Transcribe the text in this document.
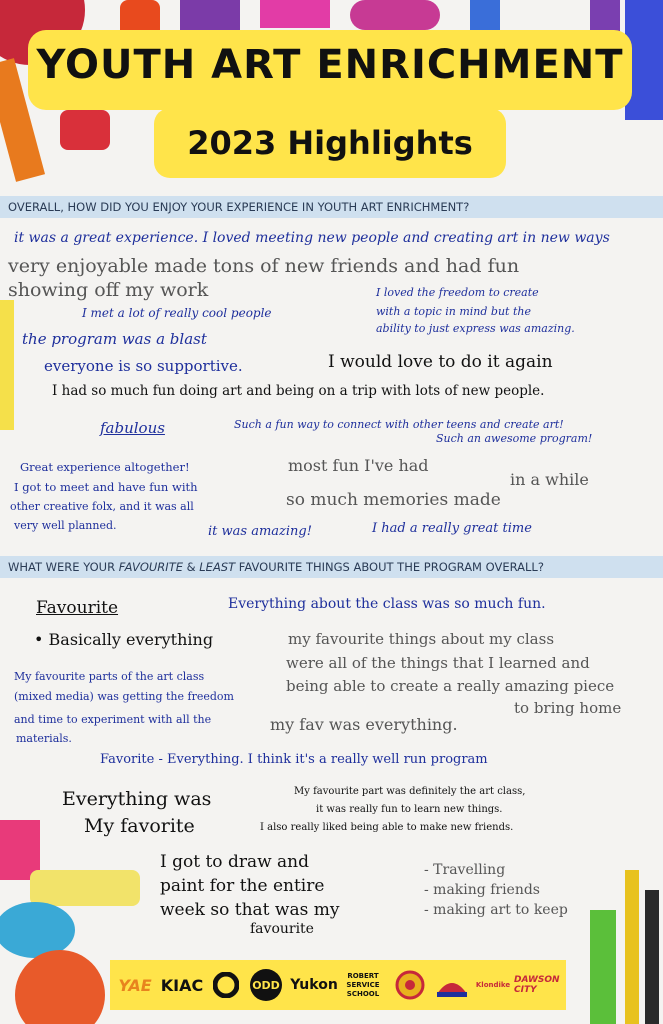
YOUTH ART ENRICHMENT
2023 Highlights
OVERALL, HOW DID YOU ENJOY YOUR EXPERIENCE IN YOUTH ART ENRICHMENT?
it was a great experience. I loved meeting new people and creating art in new ways
very enjoyable made tons of new friends and had fun
showing off my work	I loved the freedom to create
with a topic in mind but the
ability to just express was amazing.
I met a lot of really cool people
the program was a blast
everyone is so supportive.	I would love to do it again
I had so much fun doing art and being on a trip with lots of new people.
fabulous	Such a fun way to connect with other teens and create art!
Such an awesome program!
Great experience altogether!
I got to meet and have fun with
other creative folx, and it was all
very well planned.
most fun I've had
in a while
so much memories made
it was amazing!	I had a really great time
WHAT WERE YOUR FAVOURITE & LEAST FAVOURITE THINGS ABOUT THE PROGRAM OVERALL?
Favourite
• Basically everything
Everything about the class was so much fun.
my favourite things about my class
were all of the things that I learned and
being able to create a really amazing piece
to bring home
My favourite parts of the art class
(mixed media) was getting the freedom
and time to experiment with all the
materials.
my fav was everything.
Favorite - Everything. I think it's a really well run program
Everything was
My favorite
My favourite part was definitely the art class,
it was really fun to learn new things.
I also really liked being able to make new friends.
I got to draw and
paint for the entire
week so that was my
favourite
- Travelling
- making friends
- making art to keep
YAE KIAC	ODD Yukon
ROBERT SERVICE SCHOOL
Klondike DAWSON CITY
